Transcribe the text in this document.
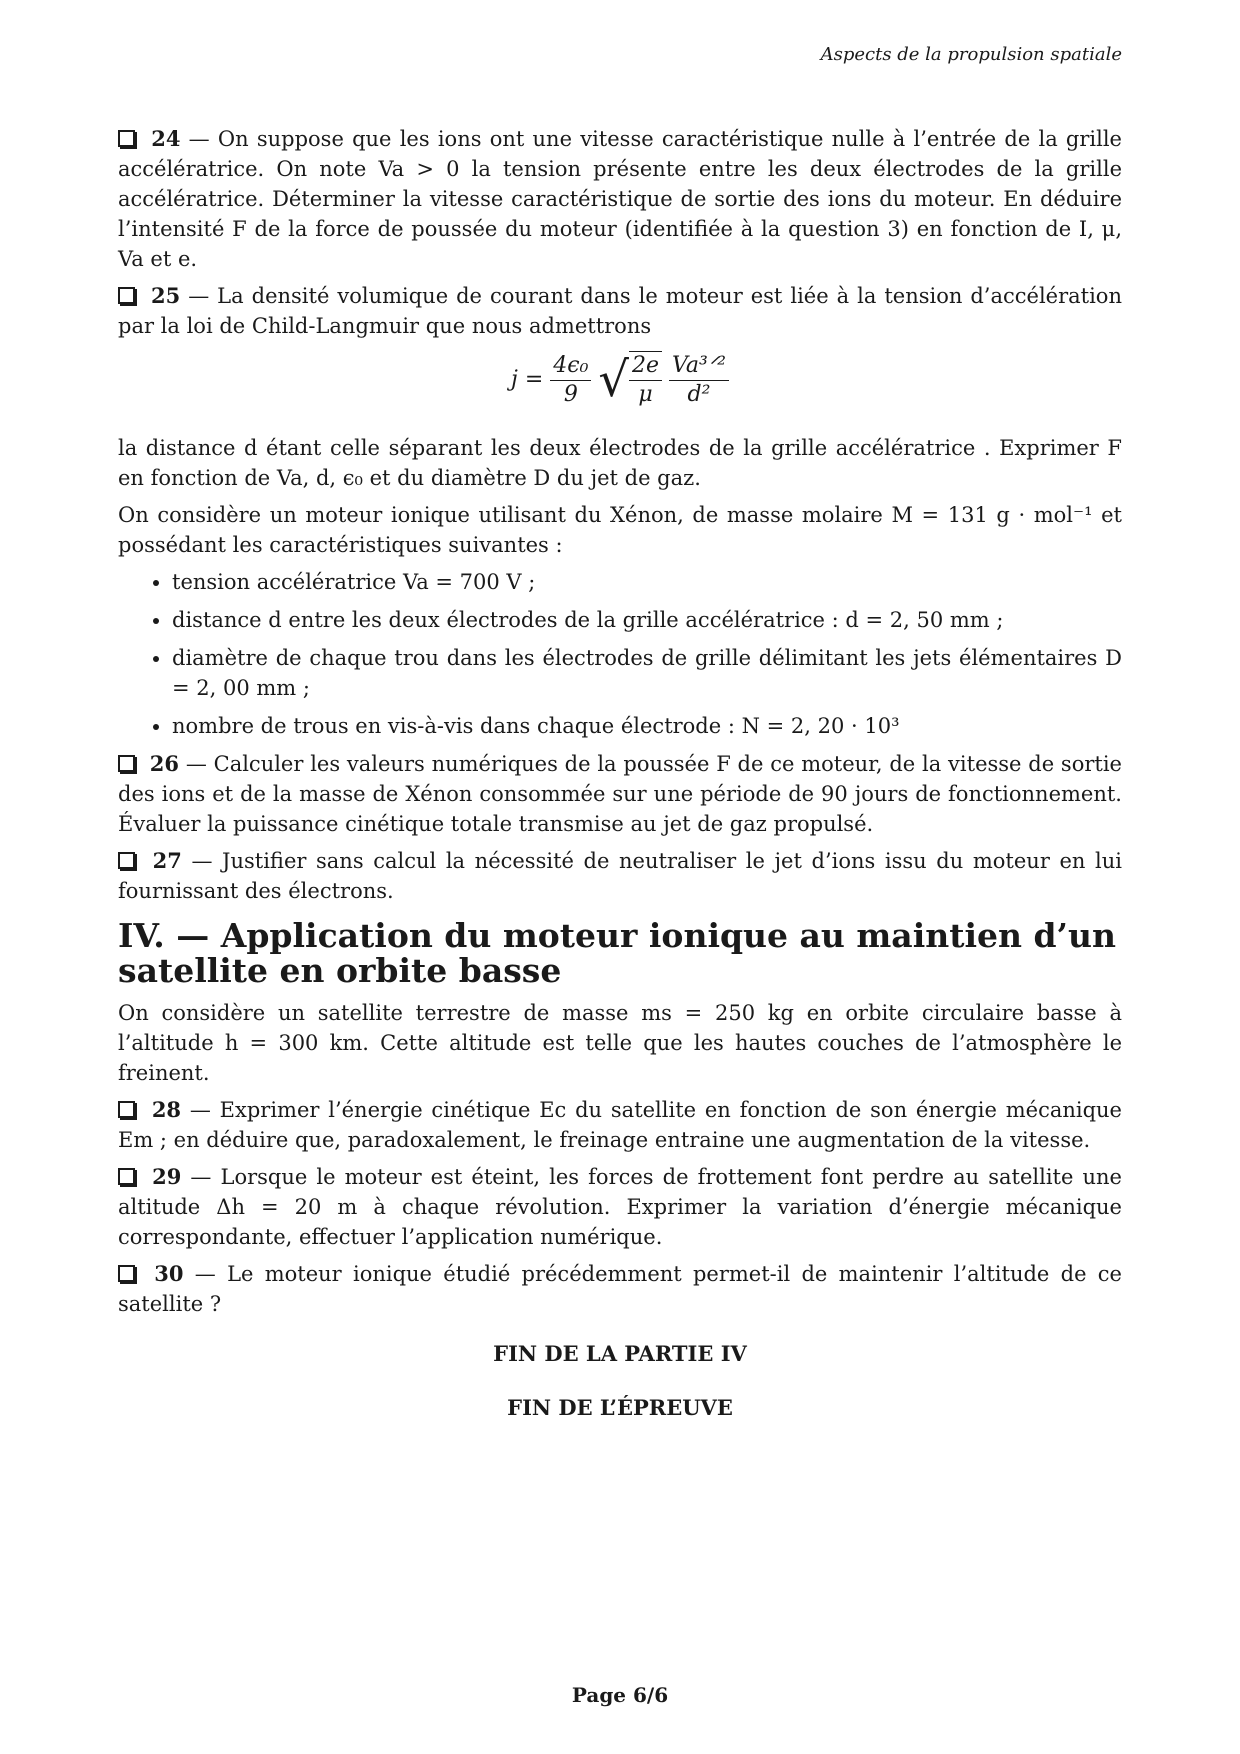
Aspects de la propulsion spatiale

24 — On suppose que les ions ont une vitesse caractéristique nulle à l’entrée de la grille accélératrice. On note Va > 0 la tension présente entre les deux électrodes de la grille accélératrice. Déterminer la vitesse caractéristique de sortie des ions du moteur. En déduire l’intensité F de la force de poussée du moteur (identifiée à la question 3) en fonction de I, μ, Va et e.

25 — La densité volumique de courant dans le moteur est liée à la tension d’accélération par la loi de Child-Langmuir que nous admettrons

$j = \frac{\text{4ϵ₀}}{9}$
√ $\frac{2e}{\mu}$
$\frac{\text{Va³ᐟ²}}{\text{d²}}$

la distance d étant celle séparant les deux électrodes de la grille accélératrice . Exprimer F en fonction de Va, d, ϵ₀ et du diamètre D du jet de gaz.

On considère un moteur ionique utilisant du Xénon, de masse molaire M = 131 g · mol⁻¹ et possédant les caractéristiques suivantes :

• tension accélératrice Va = 700 V ;
• distance d entre les deux électrodes de la grille accélératrice : d = 2, 50 mm ;
• diamètre de chaque trou dans les électrodes de grille délimitant les jets élémentaires D = 2, 00 mm ;
• nombre de trous en vis-à-vis dans chaque électrode : N = 2, 20 · 10³

26 — Calculer les valeurs numériques de la poussée F de ce moteur, de la vitesse de sortie des ions et de la masse de Xénon consommée sur une période de 90 jours de fonctionnement. Évaluer la puissance cinétique totale transmise au jet de gaz propulsé.

27 — Justifier sans calcul la nécessité de neutraliser le jet d’ions issu du moteur en lui fournissant des électrons.

IV. — Application du moteur ionique au maintien d’un satellite en orbite basse

On considère un satellite terrestre de masse ms = 250 kg en orbite circulaire basse à l’altitude h = 300 km. Cette altitude est telle que les hautes couches de l’atmosphère le freinent.

28 — Exprimer l’énergie cinétique Ec du satellite en fonction de son énergie mécanique Em ; en déduire que, paradoxalement, le freinage entraine une augmentation de la vitesse.

29 — Lorsque le moteur est éteint, les forces de frottement font perdre au satellite une altitude Δh = 20 m à chaque révolution. Exprimer la variation d’énergie mécanique correspondante, effectuer l’application numérique.

30 — Le moteur ionique étudié précédemment permet-il de maintenir l’altitude de ce satellite ?

FIN DE LA PARTIE IV
FIN DE L’ÉPREUVE
Page 6/6
